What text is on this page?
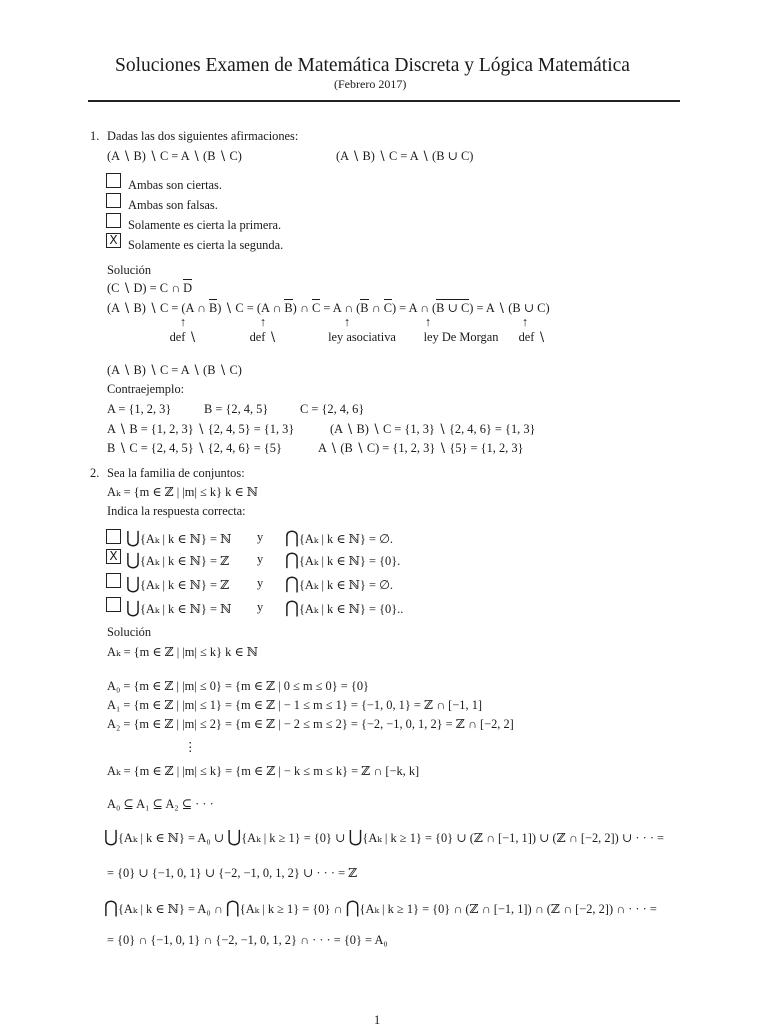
Soluciones Examen de Matemática Discreta y Lógica Matemática
(Febrero 2017)
1. Dadas las dos siguientes afirmaciones:
(A ∖ B) ∖ C = A ∖ (B ∖ C)	(A ∖ B) ∖ C = A ∖ (B ∪ C)
Ambas son ciertas.
Ambas son falsas.
Solamente es cierta la primera.
X Solamente es cierta la segunda.
Solución
(C ∖ D) = C ∩ D
(A ∖ B) ∖ C = (A ∩ B) ∖ C = (A ∩ B) ∩ C = A ∩ (B ∩ C) = A ∩ (B ∪ C) = A ∖ (B ∪ C)
↑	↑	↑	↑	↑
def ∖	def ∖	ley asociativa ley De Morgan def ∖
(A ∖ B) ∖ C = A ∖ (B ∖ C)
Contraejemplo:
A = {1, 2, 3}	B = {2, 4, 5}	C = {2, 4, 6}
A ∖ B = {1, 2, 3} ∖ {2, 4, 5} = {1, 3}	(A ∖ B) ∖ C = {1, 3} ∖ {2, 4, 6} = {1, 3}
B ∖ C = {2, 4, 5} ∖ {2, 4, 6} = {5}	A ∖ (B ∖ C) = {1, 2, 3} ∖ {5} = {1, 2, 3}
2. Sea la familia de conjuntos:
Aₖ = {m ∈ ℤ | |m| ≤ k} k ∈ ℕ
Indica la respuesta correcta:
⋃{Aₖ | k ∈ ℕ} = ℕ y ⋂{Aₖ | k ∈ ℕ} = ∅.
X ⋃{Aₖ | k ∈ ℕ} = ℤ y ⋂{Aₖ | k ∈ ℕ} = {0}.
⋃{Aₖ | k ∈ ℕ} = ℤ y ⋂{Aₖ | k ∈ ℕ} = ∅.
⋃{Aₖ | k ∈ ℕ} = ℕ y ⋂{Aₖ | k ∈ ℕ} = {0}..
Solución
Aₖ = {m ∈ ℤ | |m| ≤ k} k ∈ ℕ
A₀ = {m ∈ ℤ | |m| ≤ 0} = {m ∈ ℤ | 0 ≤ m ≤ 0} = {0}
A₁ = {m ∈ ℤ | |m| ≤ 1} = {m ∈ ℤ | − 1 ≤ m ≤ 1} = {−1, 0, 1} = ℤ ∩ [−1, 1]
A₂ = {m ∈ ℤ | |m| ≤ 2} = {m ∈ ℤ | − 2 ≤ m ≤ 2} = {−2, −1, 0, 1, 2} = ℤ ∩ [−2, 2]
⋮
Aₖ = {m ∈ ℤ | |m| ≤ k} = {m ∈ ℤ | − k ≤ m ≤ k} = ℤ ∩ [−k, k]
A₀ ⊆ A₁ ⊆ A₂ ⊆ · · ·
⋃{Aₖ | k ∈ ℕ} = A₀ ∪ ⋃{Aₖ | k ≥ 1} = {0} ∪ ⋃{Aₖ | k ≥ 1} = {0} ∪ (ℤ ∩ [−1, 1]) ∪ (ℤ ∩ [−2, 2]) ∪ · · · =
= {0} ∪ {−1, 0, 1} ∪ {−2, −1, 0, 1, 2} ∪ · · · = ℤ
⋂{Aₖ | k ∈ ℕ} = A₀ ∩ ⋂{Aₖ | k ≥ 1} = {0} ∩ ⋂{Aₖ | k ≥ 1} = {0} ∩ (ℤ ∩ [−1, 1]) ∩ (ℤ ∩ [−2, 2]) ∩ · · · =
= {0} ∩ {−1, 0, 1} ∩ {−2, −1, 0, 1, 2} ∩ · · · = {0} = A₀
1
